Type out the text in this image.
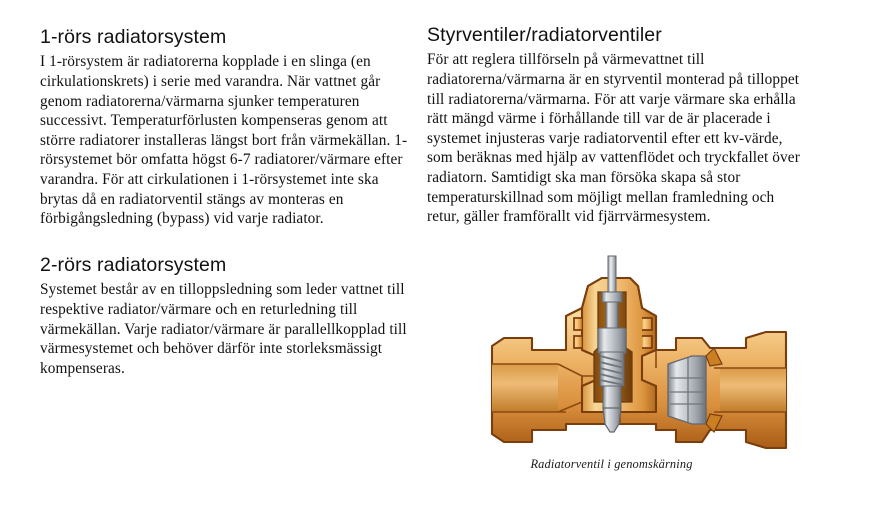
1-rörs radiatorsystem

I 1-rörsystem är radiatorerna kopplade i en slinga (en cirkulationskrets) i serie med varandra. När vattnet går genom radiatorerna/värmarna sjunker temperaturen successivt. Temperaturförlusten kompenseras genom att större radiatorer installeras längst bort från värmekällan. 1-rörsystemet bör omfatta högst 6-7 radiatorer/värmare efter varandra. För att cirkulationen i 1-rörsystemet inte ska brytas då en radiatorventil stängs av monteras en förbigångsledning (bypass) vid varje radiator.

2-rörs radiatorsystem

Systemet består av en tilloppsledning som leder vattnet till respektive radiator/värmare och en returledning till värmekällan. Varje radiator/värmare är parallellkopplad till värmesystemet och behöver därför inte storleksmässigt kompenseras.

Styrventiler/radiatorventiler

För att reglera tillförseln på värmevattnet till radiatorerna/värmarna är en styrventil monterad på tilloppet till radiatorerna/värmarna. För att varje värmare ska erhålla rätt mängd värme i förhållande till var de är placerade i systemet injusteras varje radiatorventil efter ett kv-värde, som beräknas med hjälp av vattenflödet och tryckfallet över radiatorn. Samtidigt ska man försöka skapa så stor temperaturskillnad som möjligt mellan framledning och retur, gäller framförallt vid fjärrvärmesystem.

Radiatorventil i genomskärning
